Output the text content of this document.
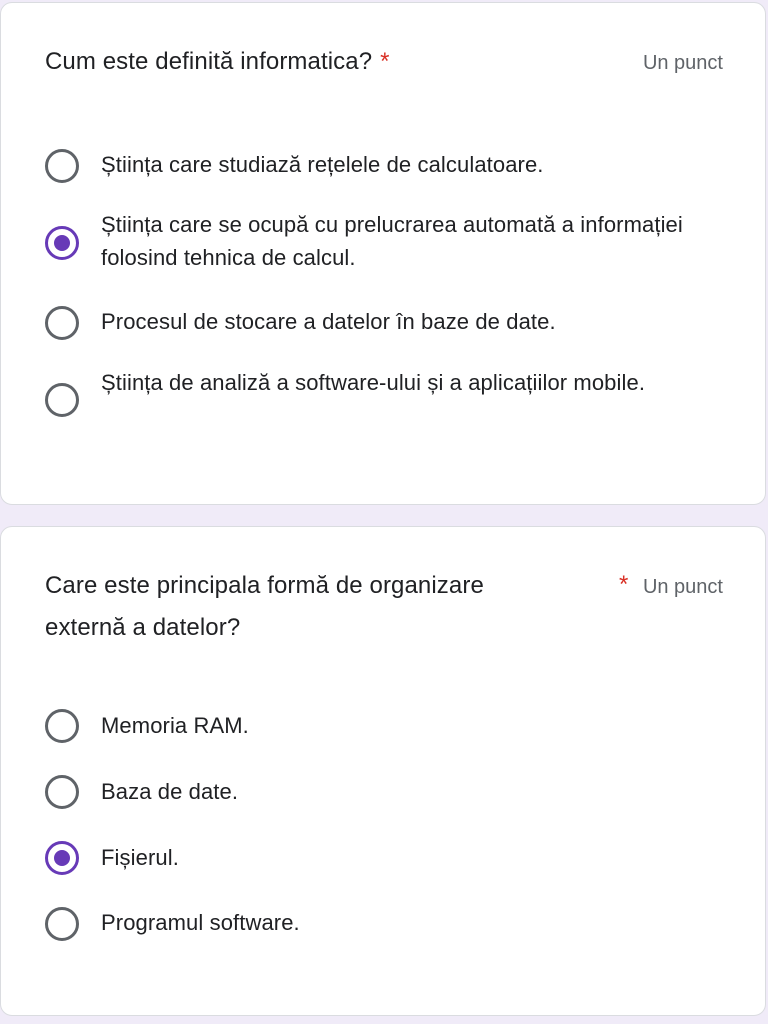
Cum este definită informatica? *	Un punct
Știința care studiază rețelele de calculatoare.
Știința care se ocupă cu prelucrarea automată a informației folosind tehnica de calcul.
Procesul de stocare a datelor în baze de date.
Știința de analiză a software-ului și a aplicațiilor mobile.
Care este principala formă de organizare externă a datelor?
* Un punct
Memoria RAM.
Baza de date.
Fișierul.
Programul software.
